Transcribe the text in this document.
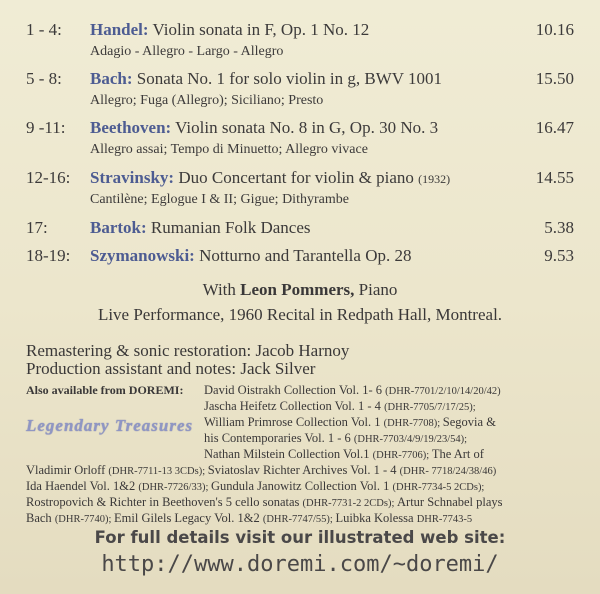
1 - 4: Handel: Violin sonata in F, Op. 1 No. 12	10.16
Adagio - Allegro - Largo - Allegro
5 - 8: Bach: Sonata No. 1 for solo violin in g, BWV 1001	15.50
Allegro; Fuga (Allegro); Siciliano; Presto
9 -11: Beethoven: Violin sonata No. 8 in G, Op. 30 No. 3	16.47
Allegro assai; Tempo di Minuetto; Allegro vivace
12-16: Stravinsky: Duo Concertant for violin & piano (1932)	14.55
Cantilène; Eglogue I & II; Gigue; Dithyrambe
17: Bartok: Rumanian Folk Dances	5.38
18-19: Szymanowski: Notturno and Tarantella Op. 28	9.53
With Leon Pommers, Piano
Live Performance, 1960 Recital in Redpath Hall, Montreal.
Remastering & sonic restoration: Jacob Harnoy
Production assistant and notes: Jack Silver
Also available from DOREMI: David Oistrakh Collection Vol. 1- 6 (DHR-7701/2/10/14/20/42)
Jascha Heifetz Collection Vol. 1 - 4 (DHR-7705/7/17/25);
William Primrose Collection Vol. 1 (DHR-7708); Segovia &
his Contemporaries Vol. 1 - 6 (DHR-7703/4/9/19/23/54);
Nathan Milstein Collection Vol.1 (DHR-7706); The Art of
Legendary Treasures
Vladimir Orloff (DHR-7711-13 3CDs); Sviatoslav Richter Archives Vol. 1 - 4 (DHR- 7718/24/38/46)
Ida Haendel Vol. 1&2 (DHR-7726/33); Gundula Janowitz Collection Vol. 1 (DHR-7734-5 2CDs);
Rostropovich & Richter in Beethoven's 5 cello sonatas (DHR-7731-2 2CDs); Artur Schnabel plays
Bach (DHR-7740); Emil Gilels Legacy Vol. 1&2 (DHR-7747/55); Luibka Kolessa DHR-7743-5
For full details visit our illustrated web site:
http://www.doremi.com/~doremi/
